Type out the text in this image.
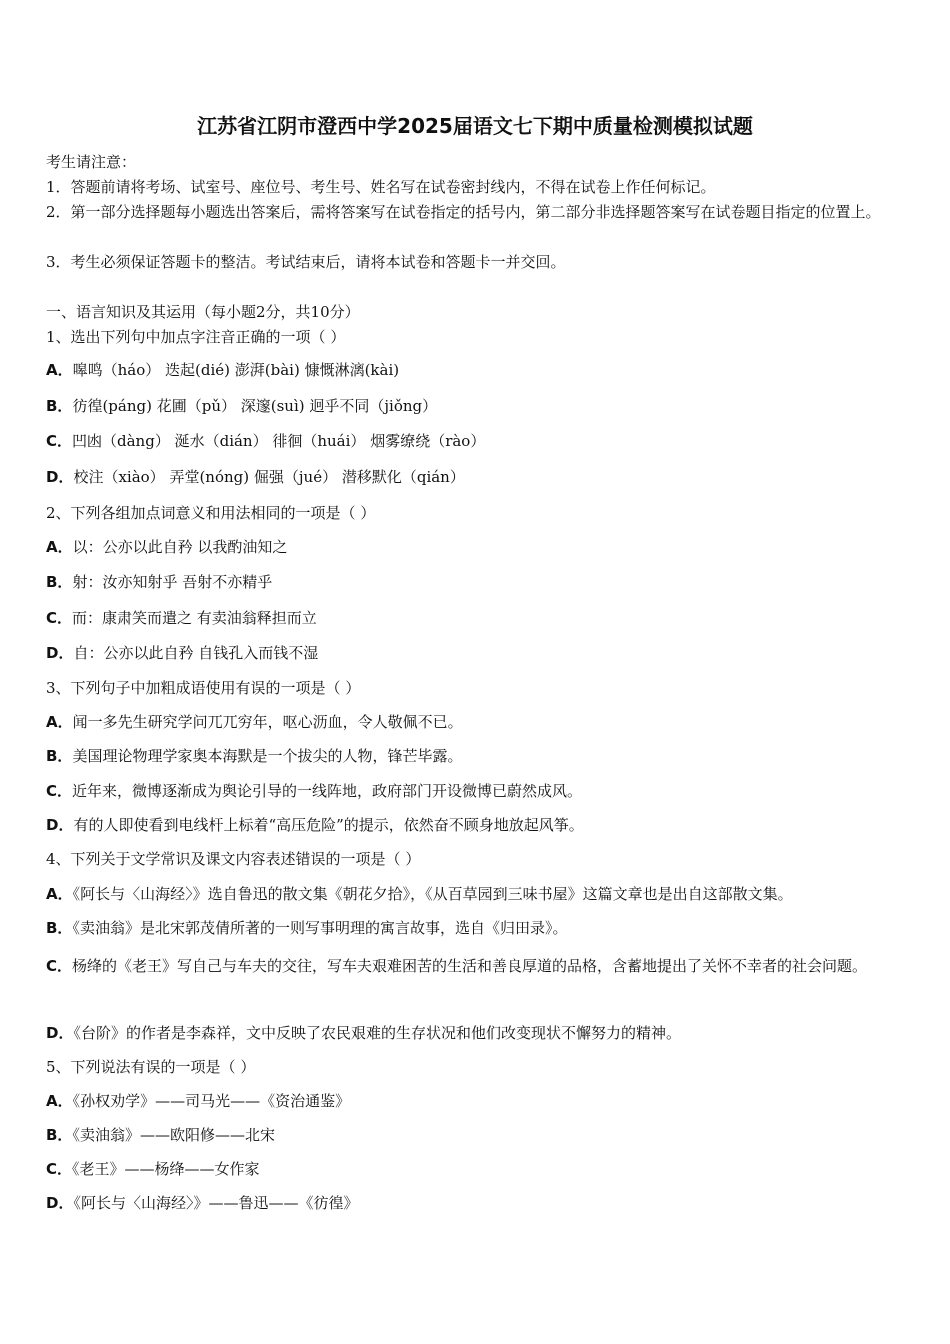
江苏省江阴市澄西中学2025届语文七下期中质量检测模拟试题
考生请注意：
1．答题前请将考场、试室号、座位号、考生号、姓名写在试卷密封线内，不得在试卷上作任何标记。
2．第一部分选择题每小题选出答案后，需将答案写在试卷指定的括号内，第二部分非选择题答案写在试卷题目指定的位置上。
3．考生必须保证答题卡的整洁。考试结束后，请将本试卷和答题卡一并交回。
一、语言知识及其运用（每小题2分，共10分）
1、选出下列句中加点字注音正确的一项（ ）
A．嗥鸣（háo） 迭起(dié) 澎湃(bài) 慷慨淋漓(kài)
B．彷徨(páng) 花圃（pǔ） 深邃(suì) 迥乎不同（jiǒng）
C．凹凼（dàng） 涎水（dián） 徘徊（huái） 烟雾缭绕（rào）
D．校注（xiào） 弄堂(nóng) 倔强（jué） 潜移默化（qián）
2、下列各组加点词意义和用法相同的一项是（ ）
A．以：公亦以此自矜 以我酌油知之
B．射：汝亦知射乎 吾射不亦精乎
C．而：康肃笑而遣之 有卖油翁释担而立
D．自：公亦以此自矜 自钱孔入而钱不湿
3、下列句子中加粗成语使用有误的一项是（ ）
A．闻一多先生研究学问兀兀穷年，呕心沥血，令人敬佩不已。
B．美国理论物理学家奥本海默是一个拔尖的人物，锋芒毕露。
C．近年来，微博逐渐成为舆论引导的一线阵地，政府部门开设微博已蔚然成风。
D．有的人即使看到电线杆上标着“高压危险”的提示，依然奋不顾身地放起风筝。
4、下列关于文学常识及课文内容表述错误的一项是（ ）
A．《阿长与〈山海经〉》选自鲁迅的散文集《朝花夕拾》，《从百草园到三味书屋》这篇文章也是出自这部散文集。
B．《卖油翁》是北宋郭茂倩所著的一则写事明理的寓言故事，选自《归田录》。
C．杨绛的《老王》写自己与车夫的交往，写车夫艰难困苦的生活和善良厚道的品格，含蓄地提出了关怀不幸者的社会问题。
D．《台阶》的作者是李森祥，文中反映了农民艰难的生存状况和他们改变现状不懈努力的精神。
5、下列说法有误的一项是（ ）
A．《孙权劝学》——司马光——《资治通鉴》
B．《卖油翁》——欧阳修——北宋
C．《老王》——杨绛——女作家
D．《阿长与〈山海经〉》——鲁迅——《彷徨》
